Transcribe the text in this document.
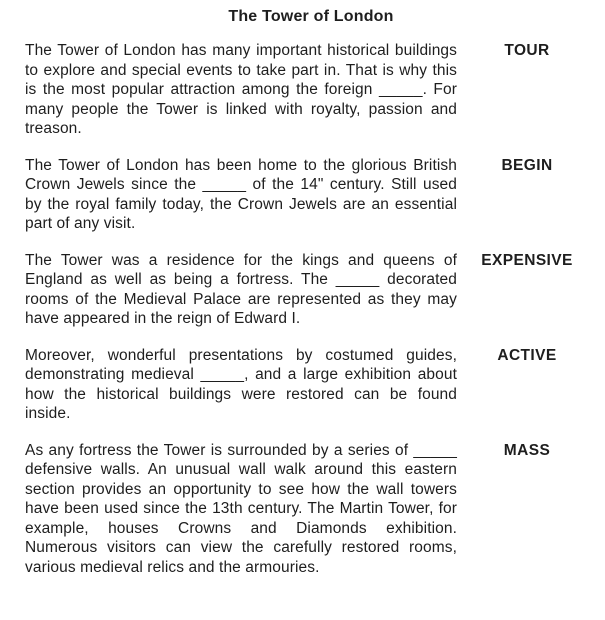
The Tower of London
The Tower of London has many important historical buildings to explore and special events to take part in. That is why this is the most popular attraction among the foreign _____. For many people the Tower is linked with royalty, passion and treason.
TOUR
The Tower of London has been home to the glorious British Crown Jewels since the _____ of the 14" century. Still used by the royal family today, the Crown Jewels are an essential part of any visit.
BEGIN
The Tower was a residence for the kings and queens of England as well as being a fortress. The _____ decorated rooms of the Medieval Palace are represented as they may have appeared in the reign of Edward I.
EXPENSIVE
Moreover, wonderful presentations by costumed guides, demonstrating medieval _____, and a large exhibition about how the historical buildings were restored can be found inside.
ACTIVE
As any fortress the Tower is surrounded by a series of _____ defensive walls. An unusual wall walk around this eastern section provides an opportunity to see how the wall towers have been used since the 13th century. The Martin Tower, for example, houses Crowns and Diamonds exhibition. Numerous visitors can view the carefully restored rooms, various medieval relics and the armouries.
MASS
